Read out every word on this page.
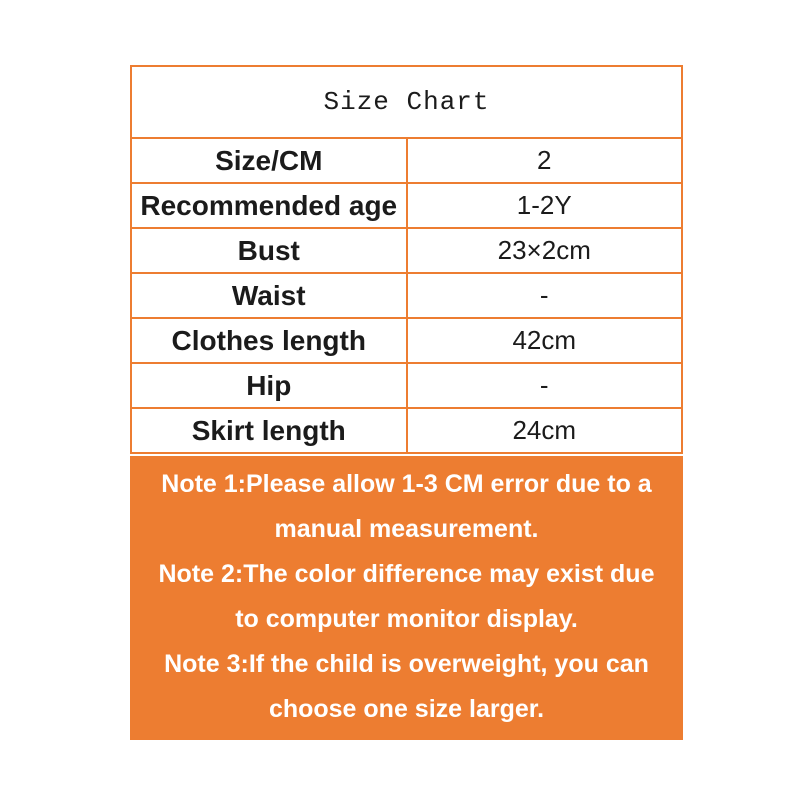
Size Chart	
Size/CM	2
Recommended age	1-2Y
Bust	23×2cm
Waist	-
Clothes length	42cm
Hip	-
Skirt length	24cm

Note 1:Please allow 1-3 CM error due to a manual measurement.

Note 2:The color difference may exist due to computer monitor display.

Note 3:If the child is overweight, you can choose one size larger.
